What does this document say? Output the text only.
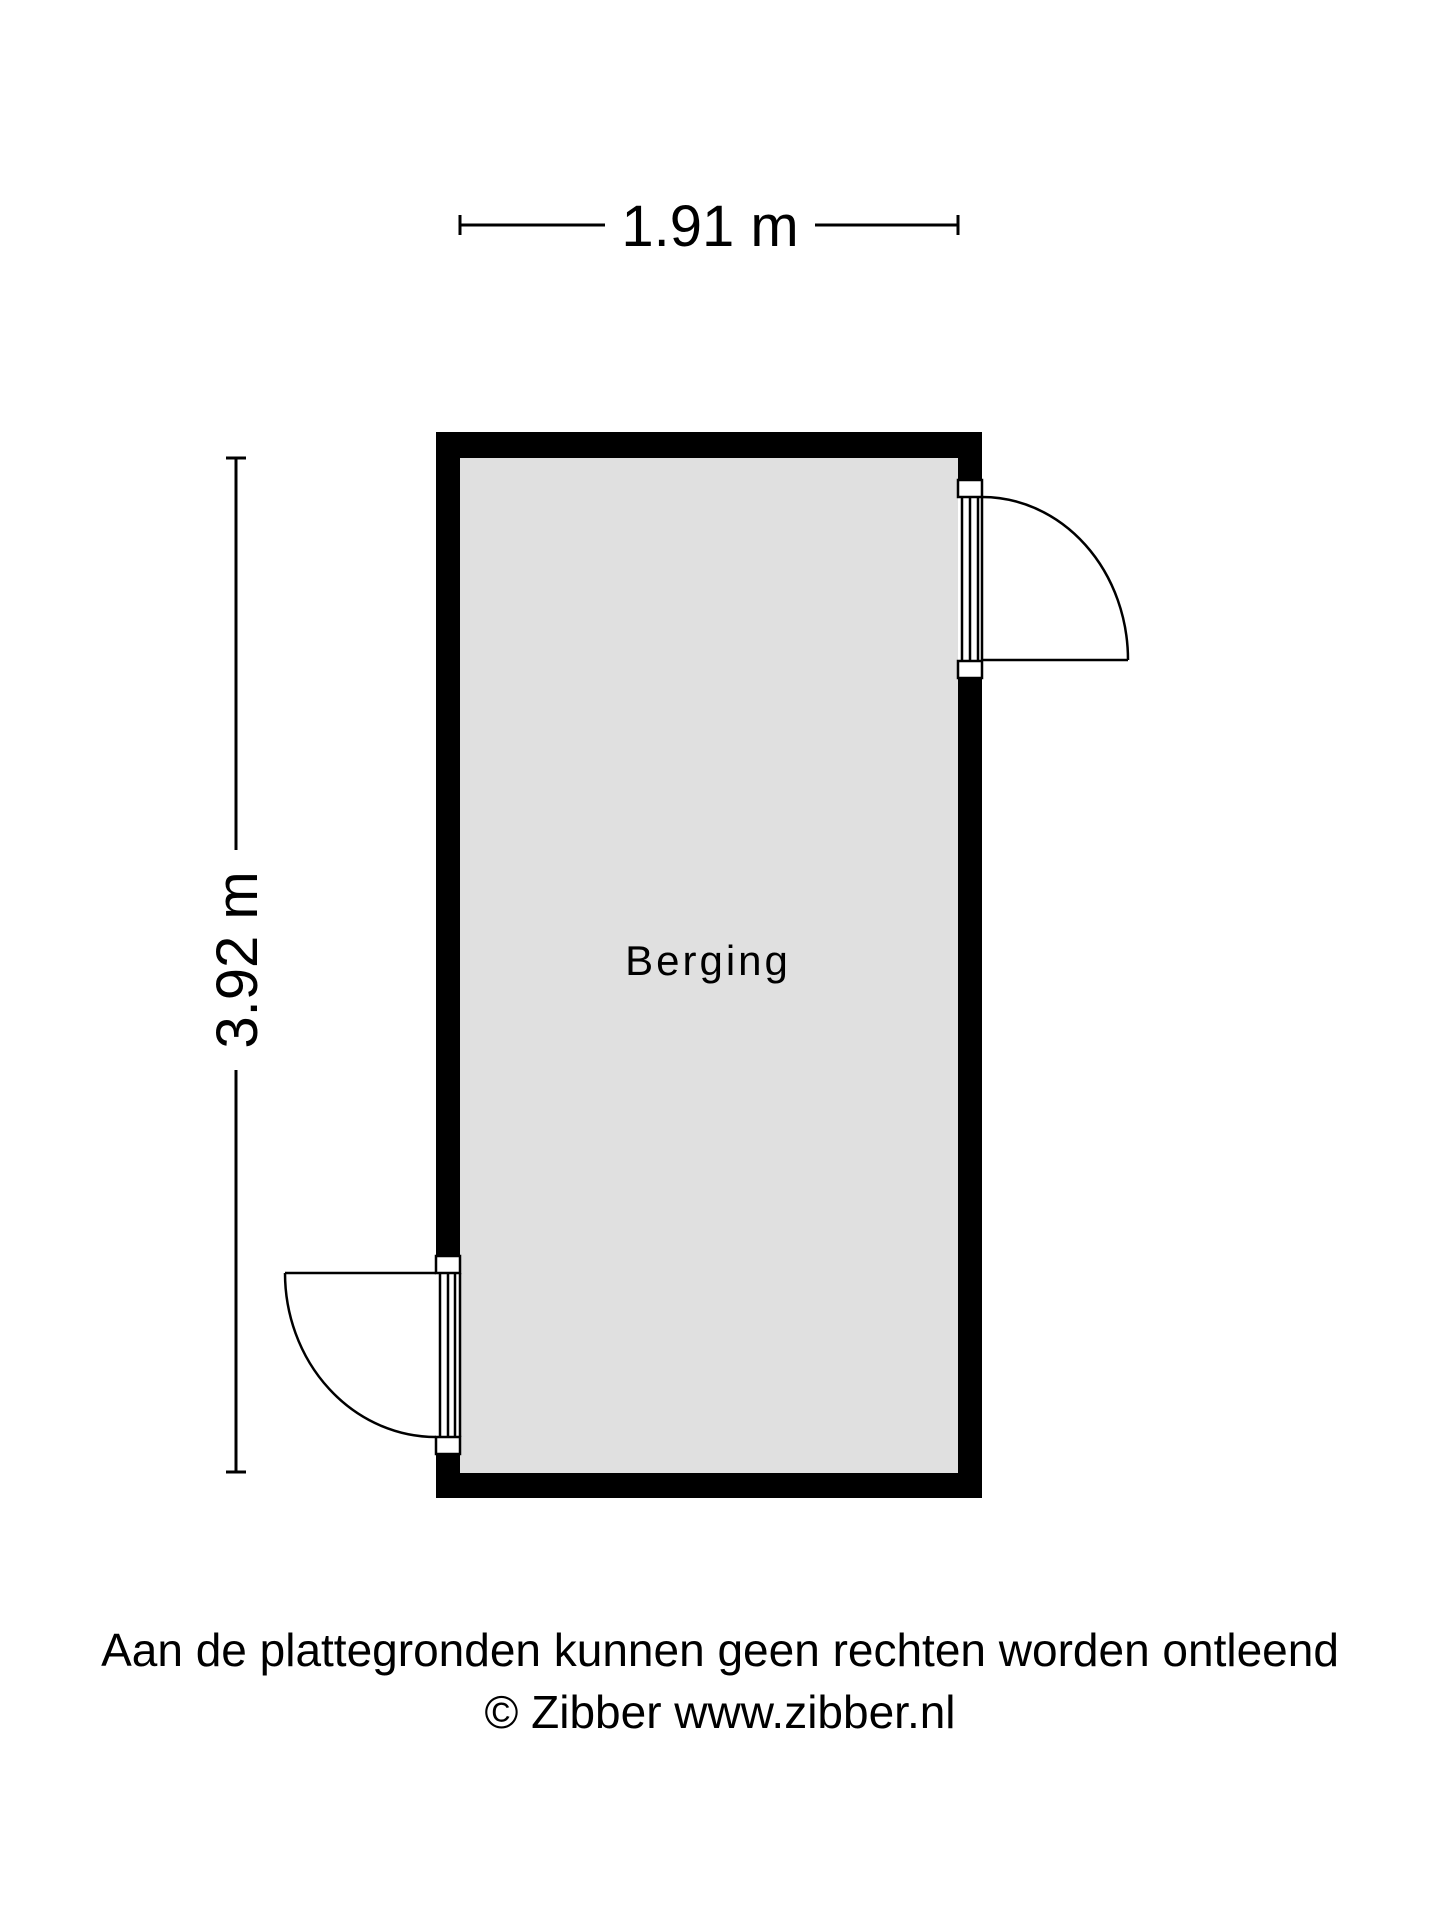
1.91 m
3.92 m	Berging
Aan de plattegronden kunnen geen rechten worden ontleend
© Zibber www.zibber.nl
